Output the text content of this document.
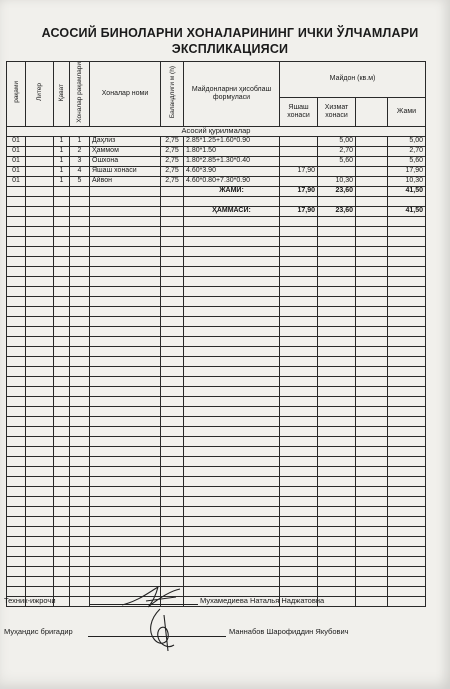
АСОСИЙ БИНОЛАРНИ ХОНАЛАРИНИНГ ИЧКИ ЎЛЧАМЛАРИ
ЭКСПЛИКАЦИЯСИ
рақами	Литер	Қават	Хоналар рақамлари	Хоналар номи	Баландлиги м (h)	Майдонларни ҳисоблаш формуласи	Майдон (кв.м)			
							Яшаш хонаси	Хизмат хонаси		Жами
Асосий қурилмалар										
01		1	1	Даҳлиз	2,75	2.85*1.25+1.60*0.90		5,00		5,00
01		1	2	Ҳаммом	2,75	1.80*1.50		2,70		2,70
01		1	3	Ошхона	2,75	1.80*2.85+1.30*0.40		5,60		5,60
01		1	4	Яшаш хонаси	2,75	4.60*3.90	17,90			17,90
01		1	5	Айвон	2,75	4.60*0.80+7.30*0.90		10,30		10,30
						ЖАМИ:	17,90	23,60		41,50

						ҲАММАСИ:	17,90	23,60		41,50

Техник-ижрочи	Мухамедиева Наталья Наджатовна
Муҳандис бригадир	Маннабов Шарофиддин Якубович
